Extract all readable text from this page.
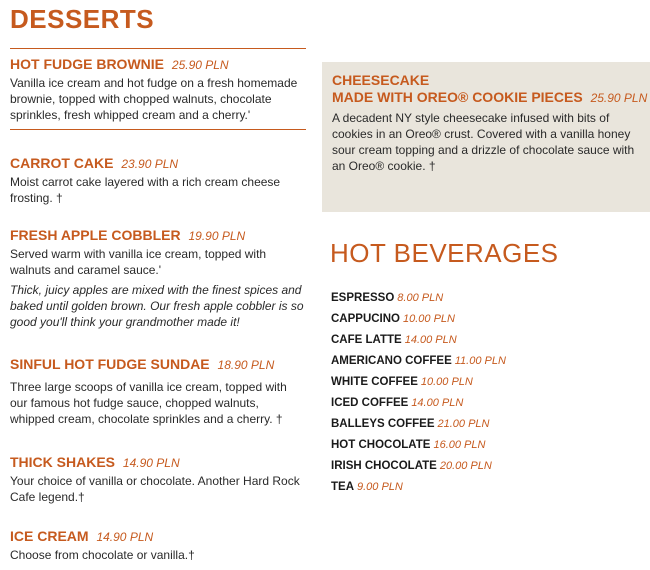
DESSERTS
HOT FUDGE BROWNIE 25.90 PLN
Vanilla ice cream and hot fudge on a fresh homemade brownie, topped with chopped walnuts, chocolate sprinkles, fresh whipped cream and a cherry.'
CARROT CAKE 23.90 PLN
Moist carrot cake layered with a rich cream cheese frosting. †
FRESH APPLE COBBLER 19.90 PLN
Served warm with vanilla ice cream, topped with walnuts and caramel sauce.'
Thick, juicy apples are mixed with the finest spices and baked until golden brown. Our fresh apple cobbler is so good you'll think your grandmother made it!
SINFUL HOT FUDGE SUNDAE 18.90 PLN
Three large scoops of vanilla ice cream, topped with our famous hot fudge sauce, chopped walnuts, whipped cream, chocolate sprinkles and a cherry. †
THICK SHAKES 14.90 PLN
Your choice of vanilla or chocolate. Another Hard Rock Cafe legend.†
ICE CREAM 14.90 PLN
Choose from chocolate or vanilla.†
CHEESECAKE
MADE WITH OREO® COOKIE PIECES 25.90 PLN
A decadent NY style cheesecake infused with bits of cookies in an Oreo® crust. Covered with a vanilla honey sour cream topping and a drizzle of chocolate sauce with an Oreo® cookie. †
HOT BEVERAGES
ESPRESSO 8.00 PLN
CAPPUCINO 10.00 PLN
CAFE LATTE 14.00 PLN
AMERICANO COFFEE 11.00 PLN
WHITE COFFEE 10.00 PLN
ICED COFFEE 14.00 PLN
BALLEYS COFFEE 21.00 PLN
HOT CHOCOLATE 16.00 PLN
IRISH CHOCOLATE 20.00 PLN
TEA 9.00 PLN
